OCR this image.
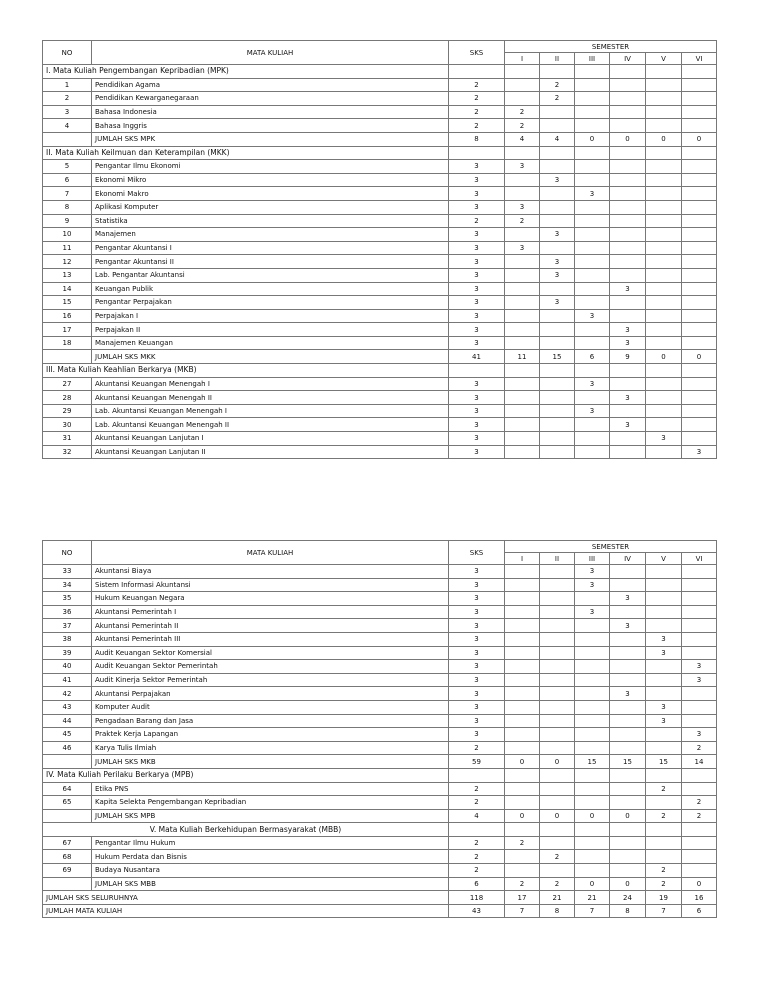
NO	MATA KULIAH	SKS	SEMESTER					
			I	II	III	IV	V	VI
I. Mata Kuliah Pengembangan Kepribadian (MPK)								
1	Pendidikan Agama	2		2				
2	Pendidikan Kewarganegaraan	2		2				
3	Bahasa Indonesia	2	2					
4	Bahasa Inggris	2	2					
	JUMLAH SKS MPK	8	4	4	0	0	0	0
II. Mata Kuliah Keilmuan dan Keterampilan (MKK)								
5	Pengantar Ilmu Ekonomi	3	3					
6	Ekonomi Mikro	3		3				
7	Ekonomi Makro	3			3			
8	Aplikasi Komputer	3	3					
9	Statistika	2	2					
10	Manajemen	3		3				
11	Pengantar Akuntansi I	3	3					
12	Pengantar Akuntansi II	3		3				
13	Lab. Pengantar Akuntansi	3		3				
14	Keuangan Publik	3				3		
15	Pengantar Perpajakan	3		3				
16	Perpajakan I	3			3			
17	Perpajakan II	3				3		
18	Manajemen Keuangan	3				3		
	JUMLAH SKS MKK	41	11	15	6	9	0	0
III. Mata Kuliah Keahlian Berkarya (MKB)								
27	Akuntansi Keuangan Menengah I	3			3			
28	Akuntansi Keuangan Menengah II	3				3		
29	Lab. Akuntansi Keuangan Menengah I	3			3			
30	Lab. Akuntansi Keuangan Menengah II	3				3		
31	Akuntansi Keuangan Lanjutan I	3					3	
32	Akuntansi Keuangan Lanjutan II	3						3
NO	MATA KULIAH	SKS	SEMESTER					
			I	II	III	IV	V	VI
33	Akuntansi Biaya	3			3			
34	Sistem Informasi Akuntansi	3			3			
35	Hukum Keuangan Negara	3				3		
36	Akuntansi Pemerintah I	3			3			
37	Akuntansi Pemerintah II	3				3		
38	Akuntansi Pemerintah III	3					3	
39	Audit Keuangan Sektor Komersial	3					3	
40	Audit Keuangan Sektor Pemerintah	3						3
41	Audit Kinerja Sektor Pemerintah	3						3
42	Akuntansi Perpajakan	3				3		
43	Komputer Audit	3					3	
44	Pengadaan Barang dan Jasa	3					3	
45	Praktek Kerja Lapangan	3						3
46	Karya Tulis Ilmiah	2						2
	JUMLAH SKS MKB	59	0	0	15	15	15	14
IV. Mata Kuliah Perilaku Berkarya (MPB)								
64	Etika PNS	2					2	
65	Kapita Selekta Pengembangan Kepribadian	2						2
	JUMLAH SKS MPB	4	0	0	0	0	2	2
V. Mata Kuliah Berkehidupan Bermasyarakat (MBB)								
67	Pengantar Ilmu Hukum	2	2					
68	Hukum Perdata dan Bisnis	2		2				
69	Budaya Nusantara	2					2	
	JUMLAH SKS MBB	6	2	2	0	0	2	0
JUMLAH SKS SELURUHNYA		118	17	21	21	24	19	16
JUMLAH MATA KULIAH		43	7	8	7	8	7	6
